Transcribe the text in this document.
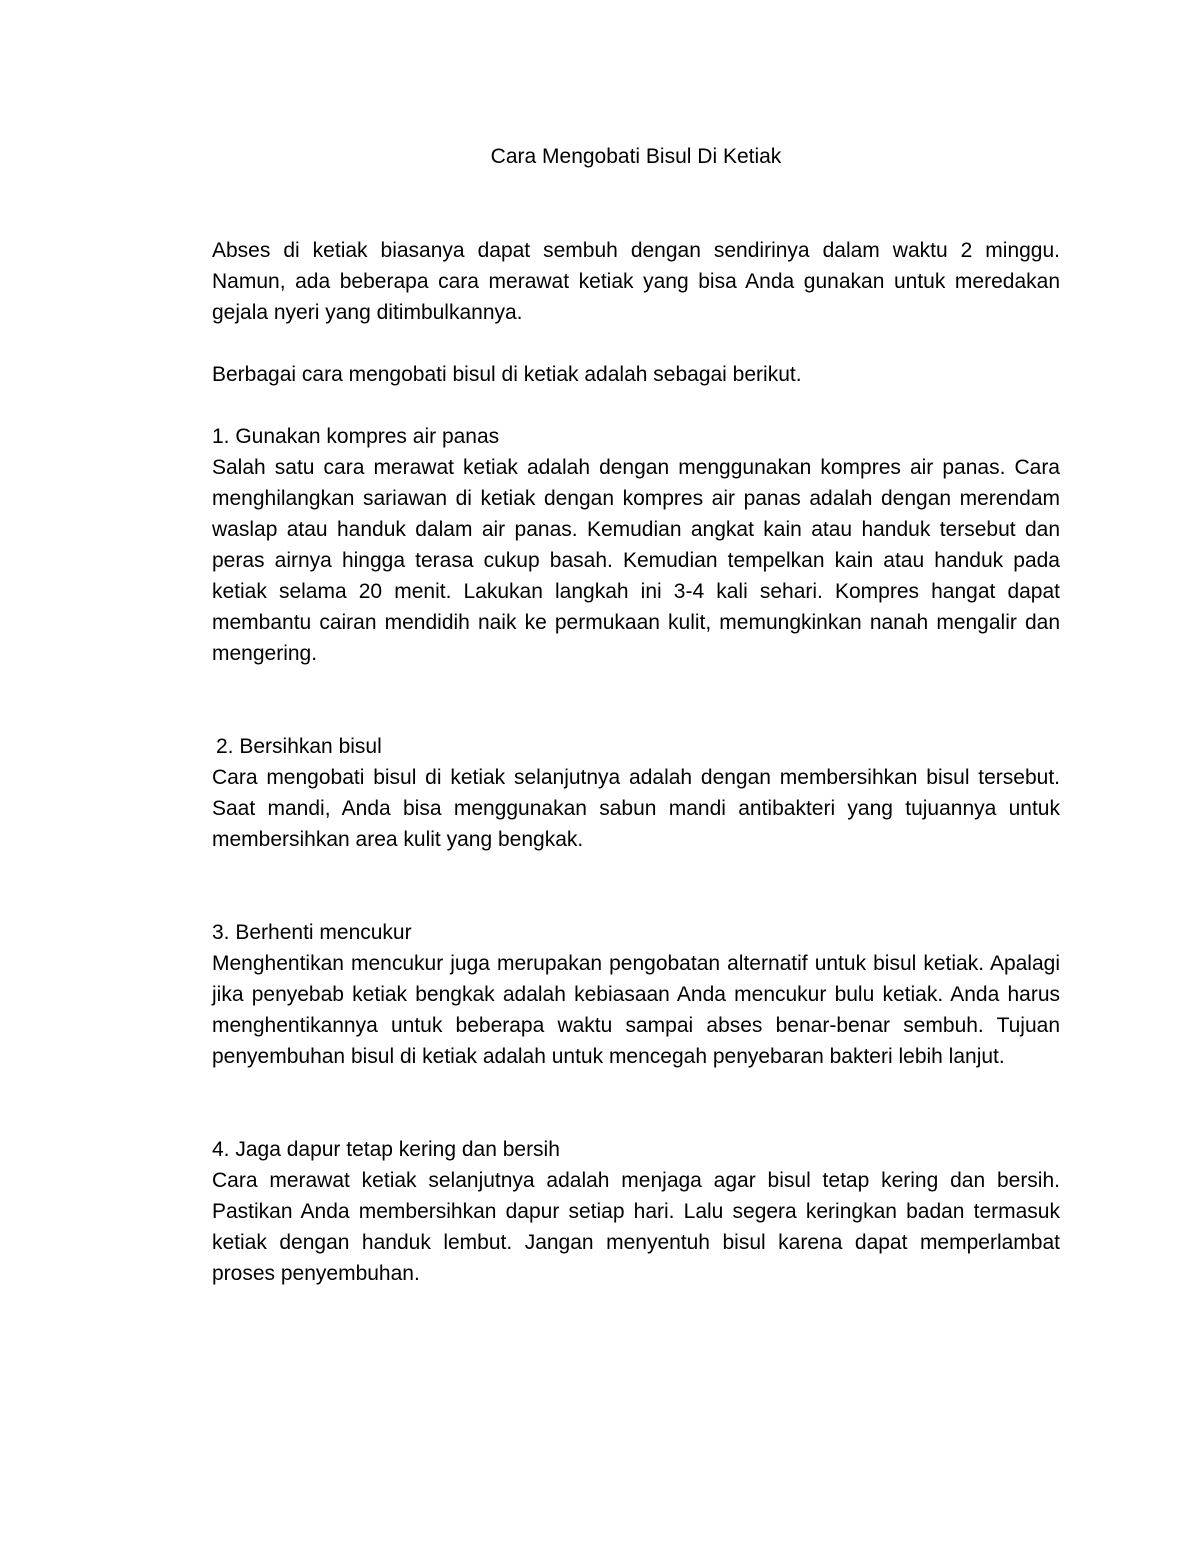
Cara Mengobati Bisul Di Ketiak

Abses di ketiak biasanya dapat sembuh dengan sendirinya dalam waktu 2 minggu. Namun, ada beberapa cara merawat ketiak yang bisa Anda gunakan untuk meredakan gejala nyeri yang ditimbulkannya.

Berbagai cara mengobati bisul di ketiak adalah sebagai berikut.

1. Gunakan kompres air panas

Salah satu cara merawat ketiak adalah dengan menggunakan kompres air panas. Cara menghilangkan sariawan di ketiak dengan kompres air panas adalah dengan merendam waslap atau handuk dalam air panas. Kemudian angkat kain atau handuk tersebut dan peras airnya hingga terasa cukup basah. Kemudian tempelkan kain atau handuk pada ketiak selama 20 menit. Lakukan langkah ini 3-4 kali sehari. Kompres hangat dapat membantu cairan mendidih naik ke permukaan kulit, memungkinkan nanah mengalir dan mengering.

2. Bersihkan bisul

Cara mengobati bisul di ketiak selanjutnya adalah dengan membersihkan bisul tersebut. Saat mandi, Anda bisa menggunakan sabun mandi antibakteri yang tujuannya untuk membersihkan area kulit yang bengkak.

3. Berhenti mencukur

Menghentikan mencukur juga merupakan pengobatan alternatif untuk bisul ketiak. Apalagi jika penyebab ketiak bengkak adalah kebiasaan Anda mencukur bulu ketiak. Anda harus menghentikannya untuk beberapa waktu sampai abses benar-benar sembuh. Tujuan penyembuhan bisul di ketiak adalah untuk mencegah penyebaran bakteri lebih lanjut.

4. Jaga dapur tetap kering dan bersih

Cara merawat ketiak selanjutnya adalah menjaga agar bisul tetap kering dan bersih. Pastikan Anda membersihkan dapur setiap hari. Lalu segera keringkan badan termasuk ketiak dengan handuk lembut. Jangan menyentuh bisul karena dapat memperlambat proses penyembuhan.
